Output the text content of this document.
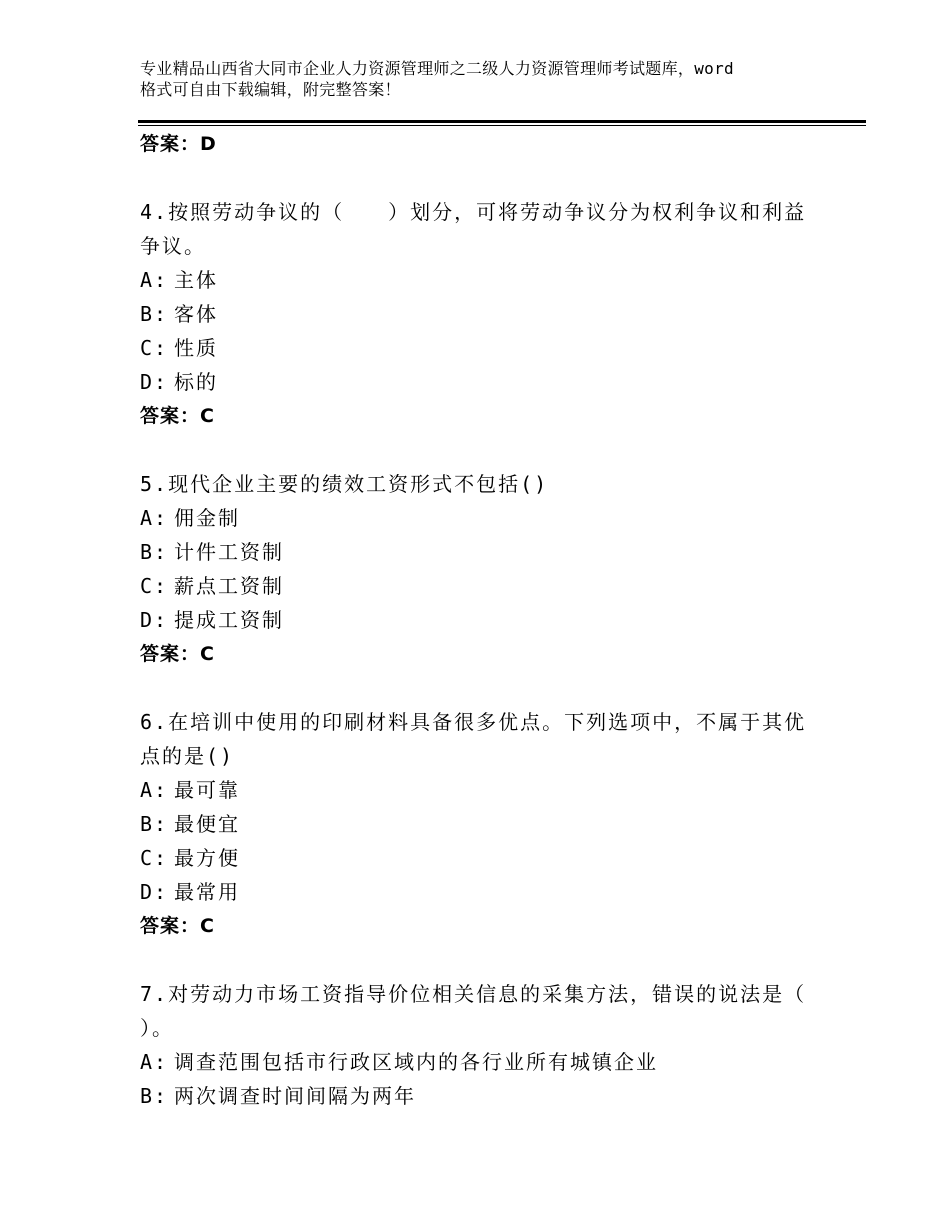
专业精品山西省大同市企业人力资源管理师之二级人力资源管理师考试题库，word
格式可自由下载编辑，附完整答案！
答案：D
4.按照劳动争议的（　　）划分，可将劳动争议分为权利争议和利益争议。
A: 主体
B: 客体
C: 性质
D: 标的
答案：C
5.现代企业主要的绩效工资形式不包括()
A: 佣金制
B: 计件工资制
C: 薪点工资制
D: 提成工资制
答案：C
6.在培训中使用的印刷材料具备很多优点。下列选项中，不属于其优点的是()
A: 最可靠
B: 最便宜
C: 最方便
D: 最常用
答案：C
7.对劳动力市场工资指导价位相关信息的采集方法，错误的说法是（ ）。
A: 调查范围包括市行政区域内的各行业所有城镇企业
B: 两次调查时间间隔为两年
